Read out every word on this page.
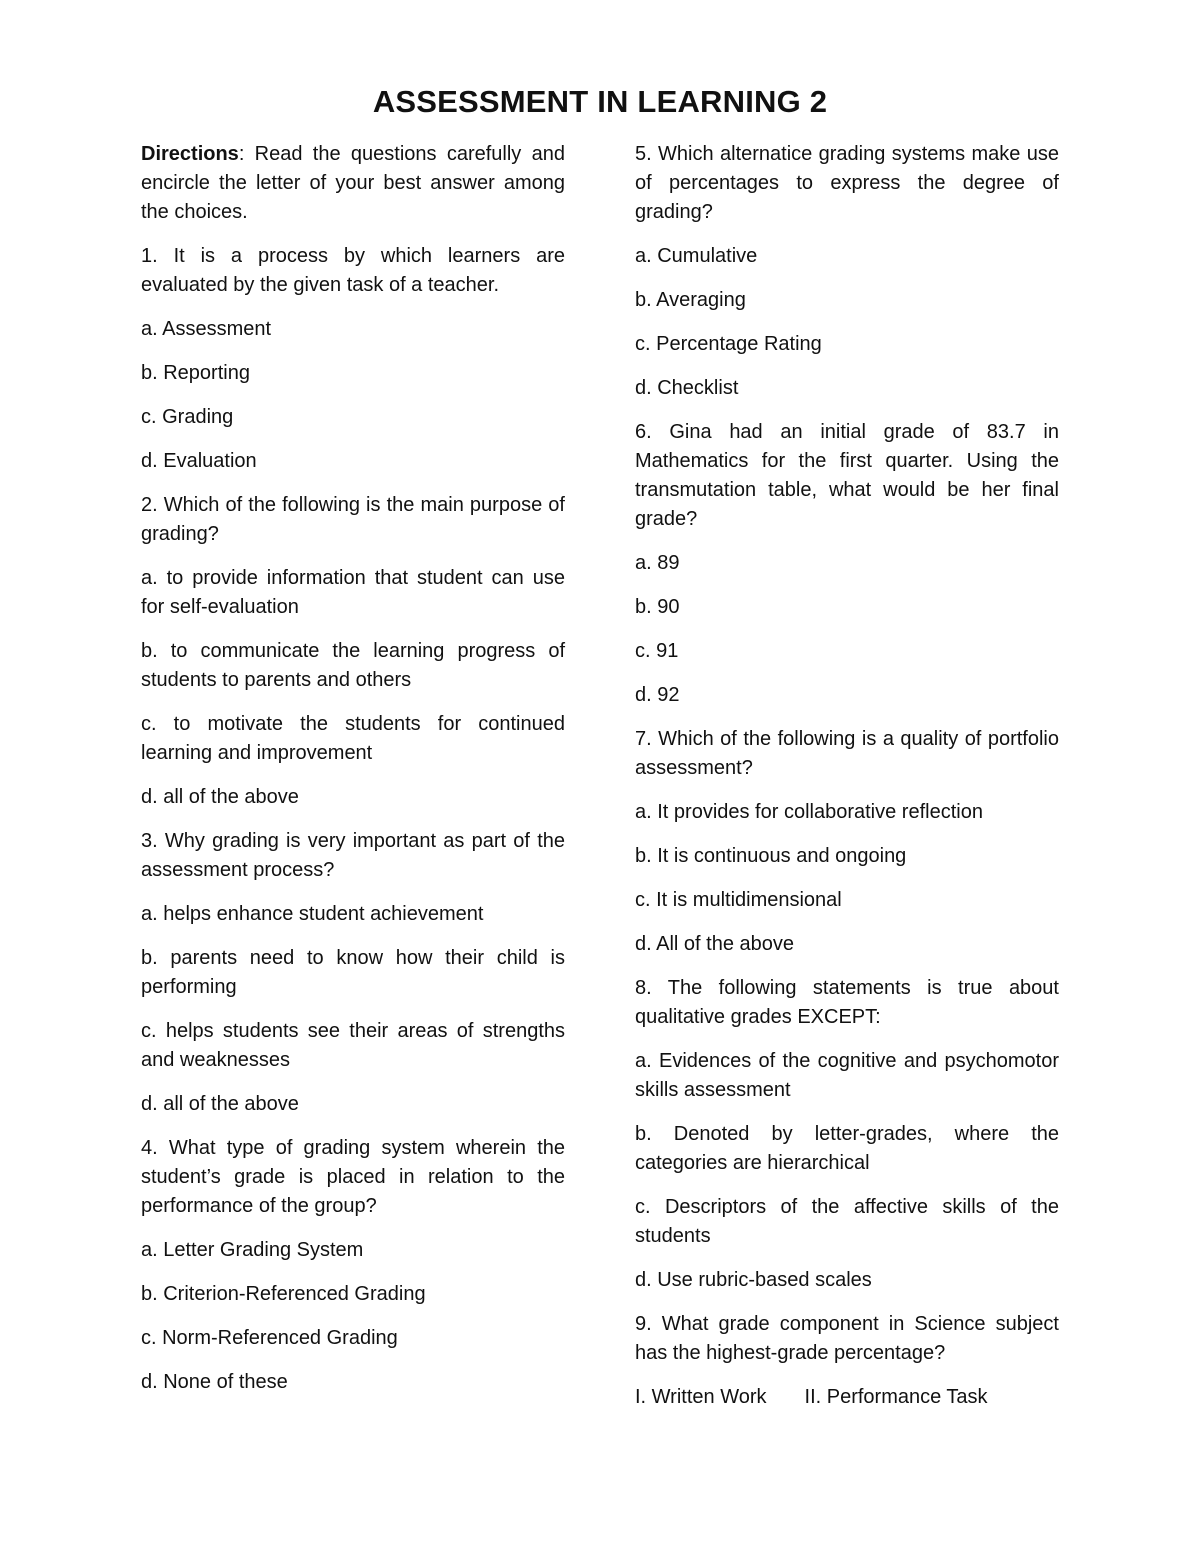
ASSESSMENT IN LEARNING 2

Directions: Read the questions carefully and encircle the letter of your best answer among the choices.

1. It is a process by which learners are evaluated by the given task of a teacher.

a. Assessment

b. Reporting

c. Grading

d. Evaluation

2. Which of the following is the main purpose of grading?

a. to provide information that student can use for self-evaluation

b. to communicate the learning progress of students to parents and others

c. to motivate the students for continued learning and improvement

d. all of the above

3. Why grading is very important as part of the assessment process?

a. helps enhance student achievement

b. parents need to know how their child is performing

c. helps students see their areas of strengths and weaknesses

d. all of the above

4. What type of grading system wherein the student’s grade is placed in relation to the performance of the group?

a. Letter Grading System

b. Criterion-Referenced Grading

c. Norm-Referenced Grading

d. None of these

5. Which alternatice grading systems make use of percentages to express the degree of grading?

a. Cumulative

b. Averaging

c. Percentage Rating

d. Checklist

6. Gina had an initial grade of 83.7 in Mathematics for the first quarter. Using the transmutation table, what would be her final grade?

a. 89

b. 90

c. 91

d. 92

7. Which of the following is a quality of portfolio assessment?

a. It provides for collaborative reflection

b. It is continuous and ongoing

c. It is multidimensional

d. All of the above

8. The following statements is true about qualitative grades EXCEPT:

a. Evidences of the cognitive and psychomotor skills assessment

b. Denoted by letter-grades, where the categories are hierarchical

c. Descriptors of the affective skills of the students

d. Use rubric-based scales

9. What grade component in Science subject has the highest-grade percentage?

I. Written Work II. Performance Task
